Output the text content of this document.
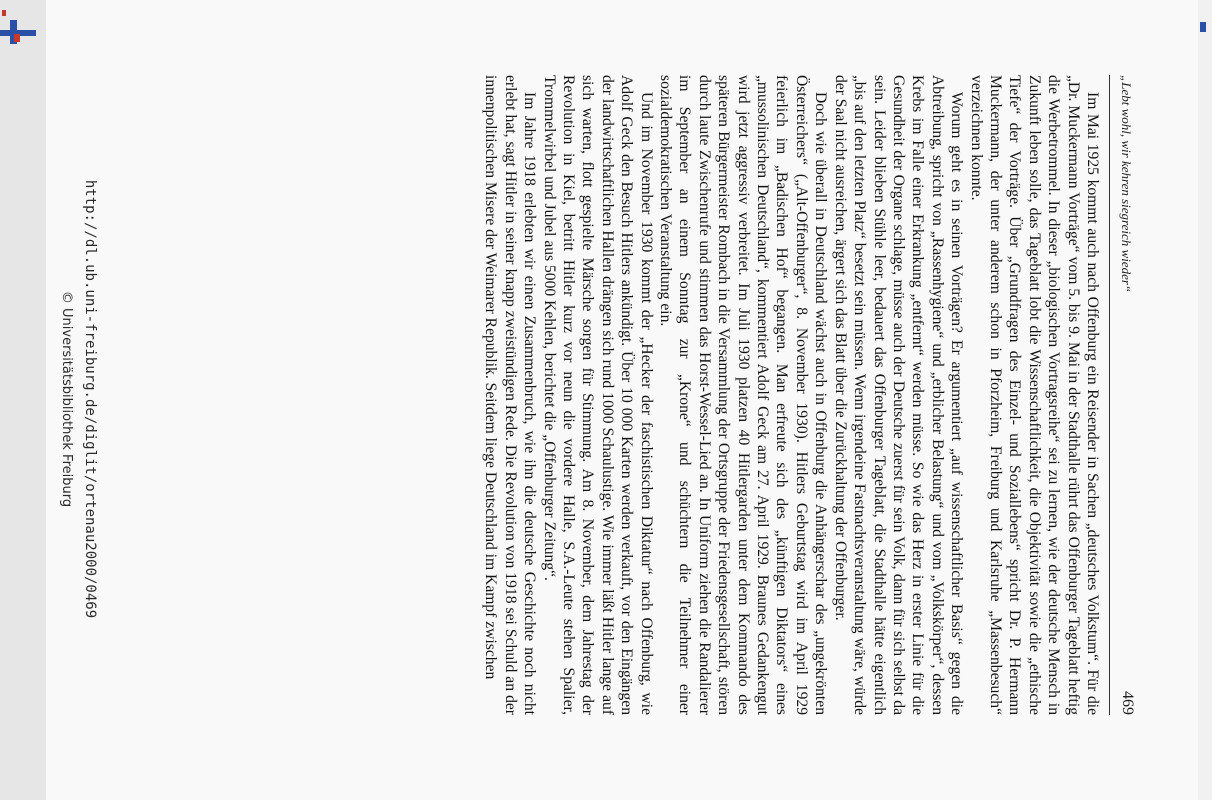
„Lebt wohl, wir kehren siegreich wieder“
469

Im Mai 1925 kommt auch nach Offenburg ein Reisender in Sachen „deutsches Volkstum“. Für die „Dr. Muckermann Vorträge“ vom 5. bis 9. Mai in der Stadthalle rührt das Offenburger Tageblatt heftig die Werbetrommel. In dieser „biologischen Vortragsreihe“ sei zu lernen, wie der deutsche Mensch in Zukunft leben solle, das Tageblatt lobt die Wissenschaftlichkeit, die Objektivität sowie die „ethische Tiefe“ der Vorträge. Über „Grundfragen des Einzel- und Soziallebens“ spricht Dr. P. Hermann Muckermann, der unter anderem schon in Pforzheim, Freiburg und Karlsruhe „Massenbesuch“ verzeichnen konnte.

Worum geht es in seinen Vorträgen? Er argumentiert „auf wissenschaftlicher Basis“ gegen die Abtreibung, spricht von „Rassenhygiene“ und „erblicher Belastung“ und vom „Volkskörper“, dessen Krebs im Falle einer Erkrankung „entfernt“ werden müsse. So wie das Herz in erster Linie für die Gesundheit der Organe schlage, müsse auch der Deutsche zuerst für sein Volk, dann für sich selbst da sein. Leider blieben Stühle leer, bedauert das Offenburger Tageblatt, die Stadthalle hätte eigentlich „bis auf den letzten Platz“ besetzt sein müssen. Wenn irgendeine Fastnachtsveranstaltung wäre, würde der Saal nicht ausreichen, ärgert sich das Blatt über die Zurückhaltung der Offenburger.

Doch wie überall in Deutschland wächst auch in Offenburg die Anhängerschar des „ungekrönten Österreichers“ („Alt-Offenburger“, 8. November 1930). Hitlers Geburtstag wird im April 1929 feierlich im „Badischen Hof“ begangen. Man erfreute sich des „künftigen Diktators“ eines „mussolinischen Deutschland“, kommentiert Adolf Geck am 27. April 1929. Braunes Gedankengut wird jetzt aggressiv verbreitet. Im Juli 1930 platzen 40 Hitlergarden unter dem Kommando des späteren Bürgermeister Rombach in die Versammlung der Ortsgruppe der Friedensgesellschaft, stören durch laute Zwischenrufe und stimmen das Horst-Wessel-Lied an. In Uniform ziehen die Randalierer im September an einem Sonntag zur „Krone“ und schüchtern die Teilnehmer einer sozialdemokratischen Veranstaltung ein.

Und im November 1930 kommt der „Hecker der faschistischen Diktatur“ nach Offenburg, wie Adolf Geck den Besuch Hitlers ankündigt. Über 10 000 Karten werden verkauft, vor den Eingängen der landwirtschaftlichen Hallen drängen sich rund 1000 Schaulustige. Wie immer läßt Hitler lange auf sich warten, flott gespielte Märsche sorgen für Stimmung. Am 8. November, dem Jahrestag der Revolution in Kiel, betritt Hitler kurz vor neun die vordere Halle, S.A.-Leute stehen Spalier, Trommelwirbel und Jubel aus 5000 Kehlen, berichtet die „Offenburger Zeitung“.

Im Jahre 1918 erlebten wir einen Zusammenbruch, wie ihn die deutsche Geschichte noch nicht erlebt hat, sagt Hitler in seiner knapp zweistündigen Rede. Die Revolution von 1918 sei Schuld an der innenpolitischen Misere der Weimarer Republik. Seitdem liege Deutschland im Kampf zwischen

http://dl.ub.uni-freiburg.de/diglit/ortenau2000/0469
© Universitätsbibliothek Freiburg
